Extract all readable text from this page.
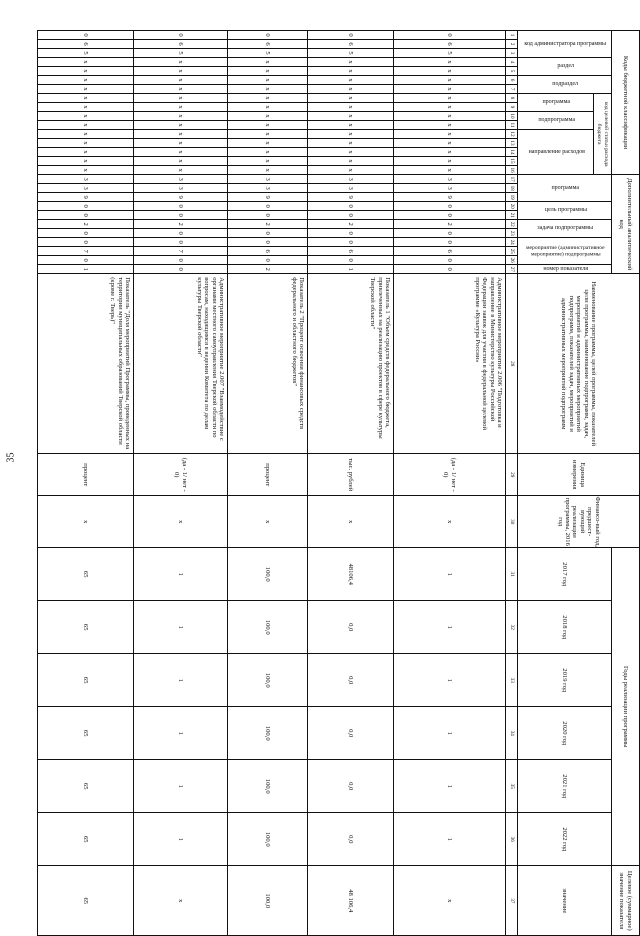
35
Коды бюджетной классификации																Дополнительный аналитический код											Наименование программы, целей программы, показателей цели программы, наименование подпрограмм, задач, мероприятий и административных мероприятий подпрограмм, показателей задач, мероприятий и административных мероприятий подпрограмм	Единица измерения	Финансо-вый год, предшест-вующий реализации программы, 2016 год	Годы реализации программы						Целевое (суммарное) значение показателя
код администратора программы			раздел		подраздел		код целевой статьи расхода бюджета									программа			цель программы		задача подпрограммы		мероприятие (административное мероприятие) подпрограммы			номер показателя				2017 год	2018 год	2019 год	2020 год	2021 год	2022 год	значение
							программа		подпрограмма		направление расходов																									
1	2	3	4	5	6	7	8	9	10	11	12	13	14	15	16	17	18	19	20	21	22	23	24	25	26	27	28	29	30	31	32	33	34	35	36	37
0	6	5	x	x	x	x	x	x	x	x	x	x	x	x	x	3	3	9	0	0	2	0	0	6	0	0	Административное мероприятие 2.006 "Подготовка и направление в Министерство культуры Российской Федерации заявок для участия в федеральной целевой программе «Культура России»	(да - 1/ нет - 0)	x	1	1	1	1	1	1	x
0	6	5	x	x	x	x	x	x	x	x	x	x	x	x	x	3	3	9	0	0	2	0	0	6	0	1	Показатель 1 "Объем средств федерального бюджета, привлеченных на реализацию проектов в сфере культуры Тверской области"	тыс. рублей	x	48106,4	0,0	0,0	0,0	0,0	0,0	48 106,4
0	6	5	x	x	x	x	x	x	x	x	x	x	x	x	x	3	3	9	0	0	2	0	0	6	0	2	Показатель 2 "Процент освоения финансовых средств федерального и областного бюджетов"	процент	x	100,0	100,0	100,0	100,0	100,0	100,0	100,0
0	6	5	x	x	x	x	x	x	x	x	x	x	x	x	x	3	3	9	0	0	2	0	0	7	0	0	Административное мероприятие 2.007 "Взаимодействие с органами местного самоуправления Тверской области по вопросам, находящимся в ведении Комитета по делам культуры Тверской области"	(да - 1/ нет - 0)	x	1	1	1	1	1	1	x
0	6	5	x	x	x	x	x	x	x	x	x	x	x	x	x	3	3	9	0	0	2	0	0	7	0	1	Показатель "Доля мероприятий Программы, проведенных на территории муниципальных образований Тверской области (кроме г. Тверь)"	процент	x	65	65	65	65	65	65	65
